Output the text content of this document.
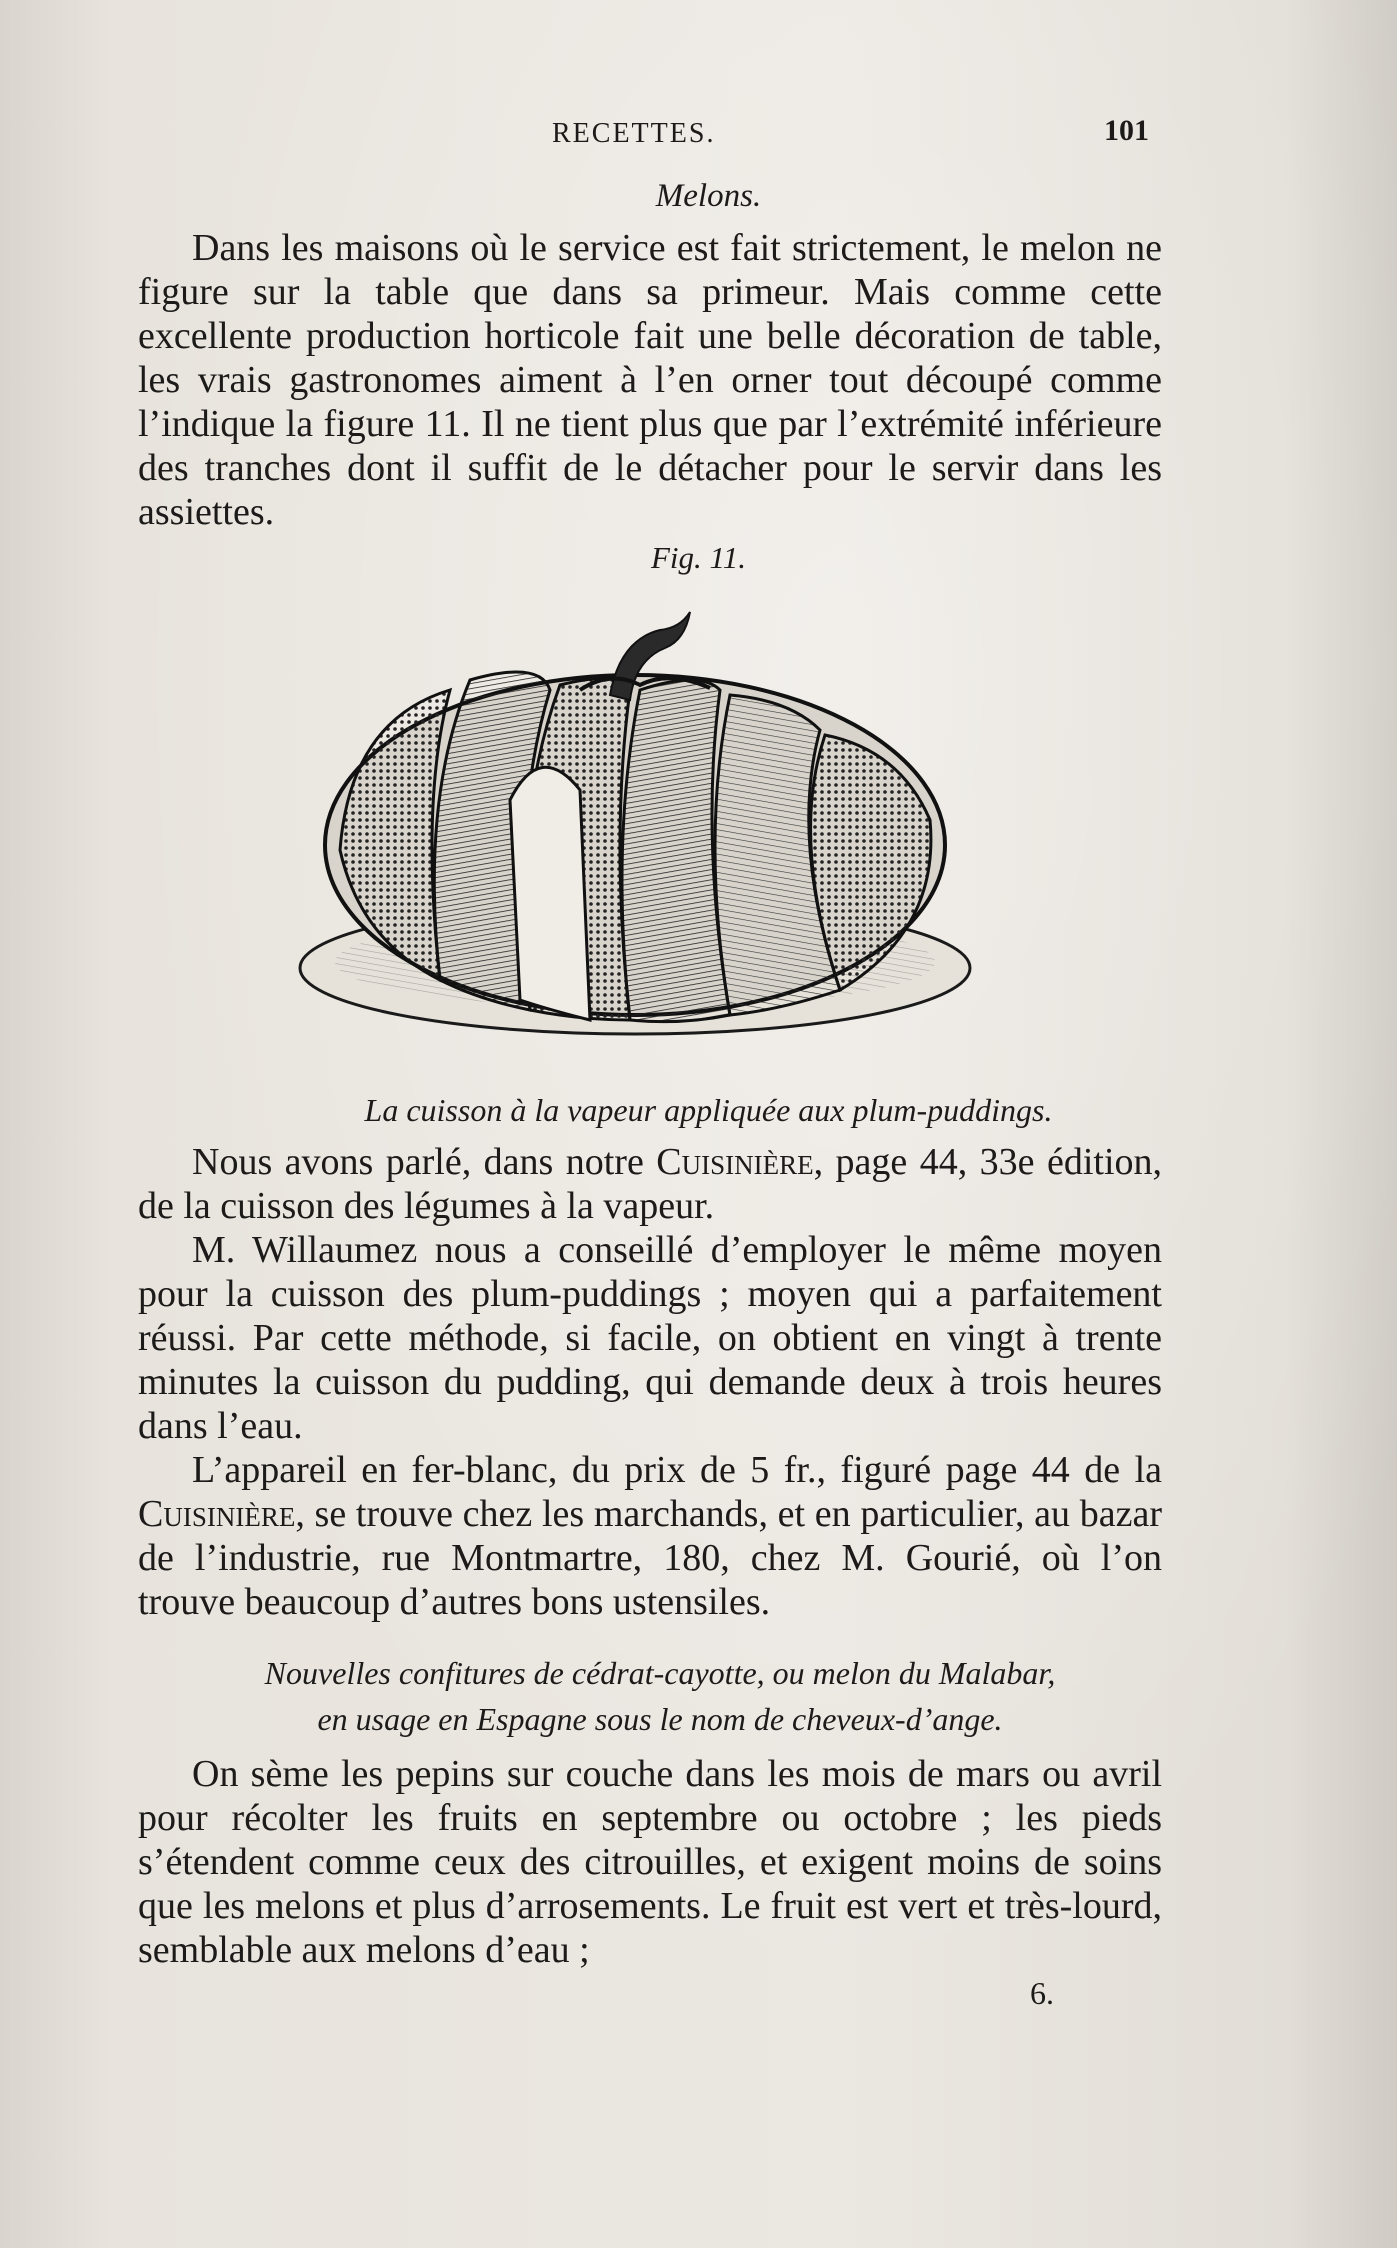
RECETTES.	101
Melons.

Dans les maisons où le service est fait strictement, le melon ne figure sur la table que dans sa primeur. Mais comme cette excellente production horticole fait une belle décoration de table, les vrais gastronomes aiment à l’en orner tout découpé comme l’indique la figure 11. Il ne tient plus que par l’extrémité inférieure des tranches dont il suffit de le détacher pour le servir dans les assiettes.

Fig. 11.
La cuisson à la vapeur appliquée aux plum-puddings.

Nous avons parlé, dans notre Cuisinière, page 44, 33e édition, de la cuisson des légumes à la vapeur.

M. Willaumez nous a conseillé d’employer le même moyen pour la cuisson des plum-puddings ; moyen qui a parfaitement réussi. Par cette méthode, si facile, on obtient en vingt à trente minutes la cuisson du pudding, qui demande deux à trois heures dans l’eau.

L’appareil en fer-blanc, du prix de 5 fr., figuré page 44 de la Cuisinière, se trouve chez les marchands, et en particulier, au bazar de l’industrie, rue Montmartre, 180, chez M. Gourié, où l’on trouve beaucoup d’autres bons ustensiles.

Nouvelles confitures de cédrat-cayotte, ou melon du Malabar,
en usage en Espagne sous le nom de cheveux-d’ange.

On sème les pepins sur couche dans les mois de mars ou avril pour récolter les fruits en septembre ou octobre ; les pieds s’étendent comme ceux des citrouilles, et exigent moins de soins que les melons et plus d’arrosements. Le fruit est vert et très-lourd, semblable aux melons d’eau ;

6.
